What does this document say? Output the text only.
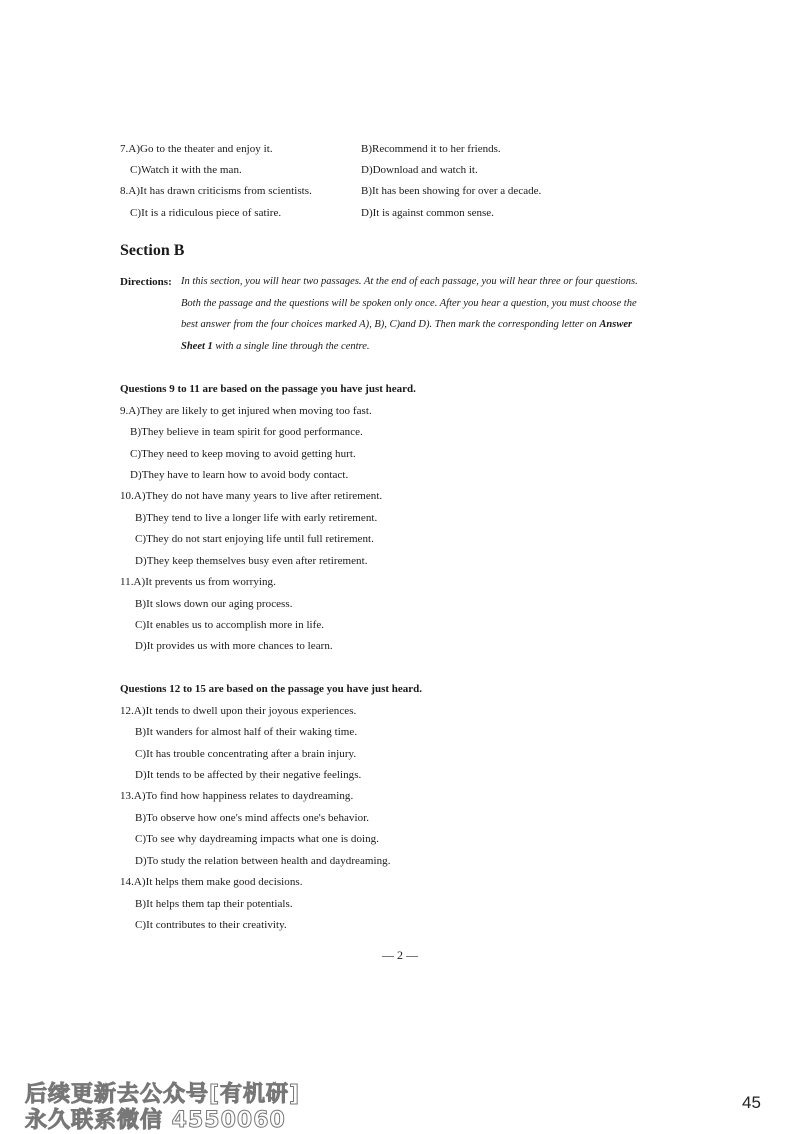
7.A)Go to the theater and enjoy it.	B)Recommend it to her friends.
C)Watch it with the man.	D)Download and watch it.
8.A)It has drawn criticisms from scientists.	B)It has been showing for over a decade.
C)It is a ridiculous piece of satire.	D)It is against common sense.
Section B
Directions: In this section, you will hear two passages. At the end of each passage, you will hear three or four questions.
Both the passage and the questions will be spoken only once. After you hear a question, you must choose the
best answer from the four choices marked A), B), C)and D). Then mark the corresponding letter on Answer
Sheet 1 with a single line through the centre.
Questions 9 to 11 are based on the passage you have just heard.
9.A)They are likely to get injured when moving too fast.
B)They believe in team spirit for good performance.
C)They need to keep moving to avoid getting hurt.
D)They have to learn how to avoid body contact.
10.A)They do not have many years to live after retirement.
B)They tend to live a longer life with early retirement.
C)They do not start enjoying life until full retirement.
D)They keep themselves busy even after retirement.
11.A)It prevents us from worrying.
B)It slows down our aging process.
C)It enables us to accomplish more in life.
D)It provides us with more chances to learn.
Questions 12 to 15 are based on the passage you have just heard.
12.A)It tends to dwell upon their joyous experiences.
B)It wanders for almost half of their waking time.
C)It has trouble concentrating after a brain injury.
D)It tends to be affected by their negative feelings.
13.A)To find how happiness relates to daydreaming.
B)To observe how one's mind affects one's behavior.
C)To see why daydreaming impacts what one is doing.
D)To study the relation between health and daydreaming.
14.A)It helps them make good decisions.
B)It helps them tap their potentials.
C)It contributes to their creativity.
— 2 —
45
后续更新去公众号[有机研]
永久联系微信 4550060
